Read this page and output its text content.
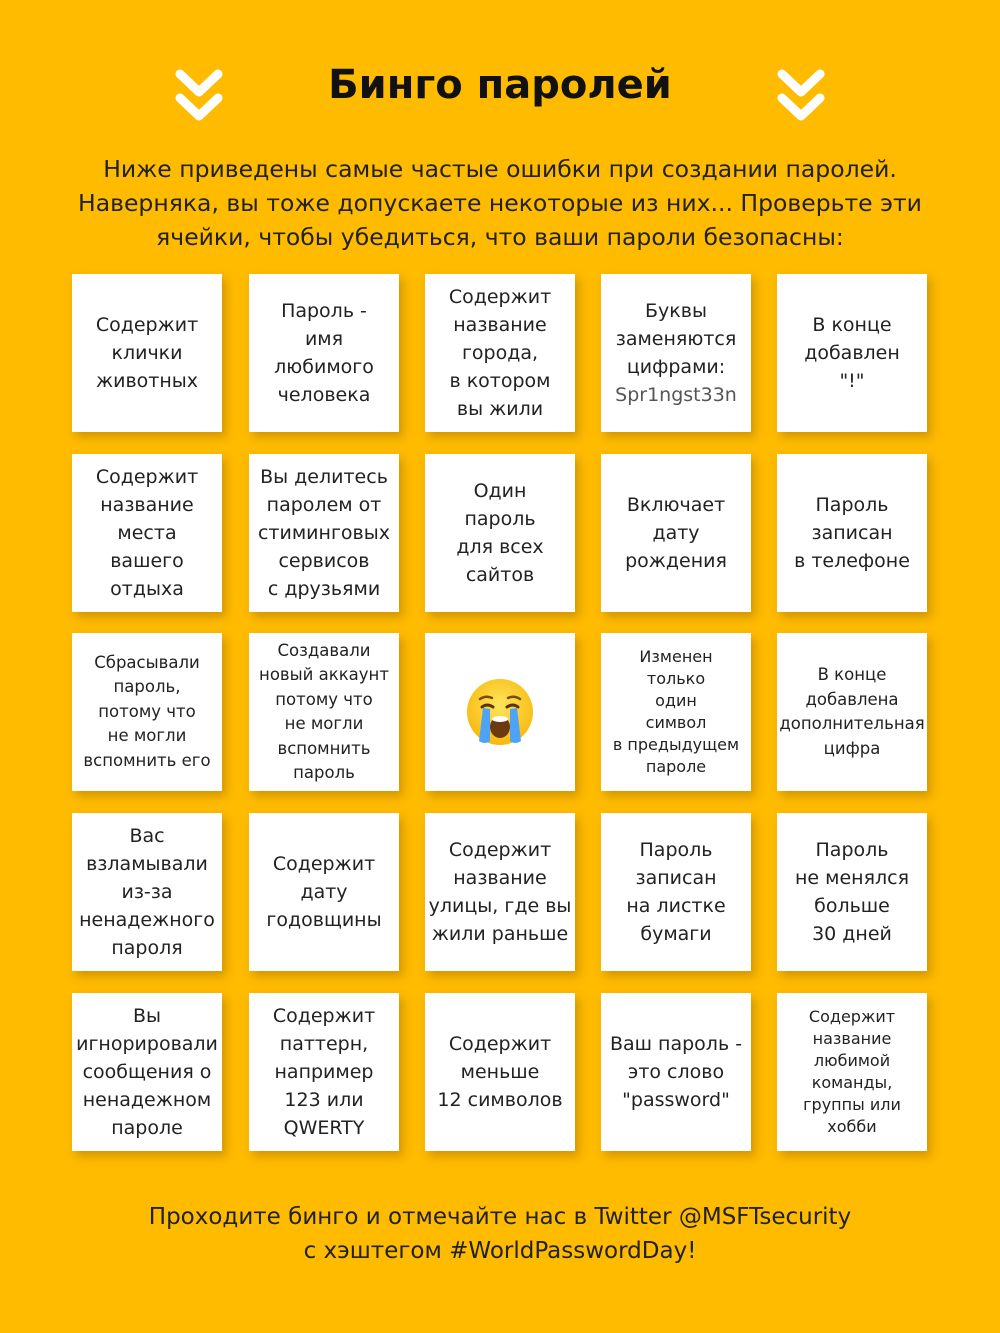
Бинго паролей
Ниже приведены самые частые ошибки при создании паролей.
Наверняка, вы тоже допускаете некоторые из них... Проверьте эти
ячейки, чтобы убедиться, что ваши пароли безопасны:
Содержит
клички
животных
Пароль -
имя
любимого
человека
Содержит
название
города,
в котором
вы жили
Буквы
заменяются
цифрами:
Spr1ngst33n
В конце
добавлен
"!"
Содержит
название
места
вашего
отдыха
Вы делитесь
паролем от
стиминговых
сервисов
с друзьями
Один
пароль
для всех
сайтов
Включает
дату
рождения
Пароль
записан
в телефоне
Сбрасывали
пароль,
потому что
не могли
вспомнить его
Создавали
новый аккаунт
потому что
не могли
вспомнить
пароль
Изменен
только
один
символ
в предыдущем
пароле
В конце
добавлена
дополнительная
цифра
Вас
взламывали
из-за
ненадежного
пароля
Содержит
дату
годовщины
Содержит
название
улицы, где вы
жили раньше
Пароль
записан
на листке
бумаги
Пароль
не менялся
больше
30 дней
Вы
игнорировали
сообщения о
ненадежном
пароле
Содержит
паттерн,
например
123 или
QWERTY
Содержит
меньше
12 символов
Ваш пароль -
это слово
"password"
Содержит
название
любимой
команды,
группы или
хобби
Проходите бинго и отмечайте нас в Twitter @MSFTsecurity
с хэштегом #WorldPasswordDay!
